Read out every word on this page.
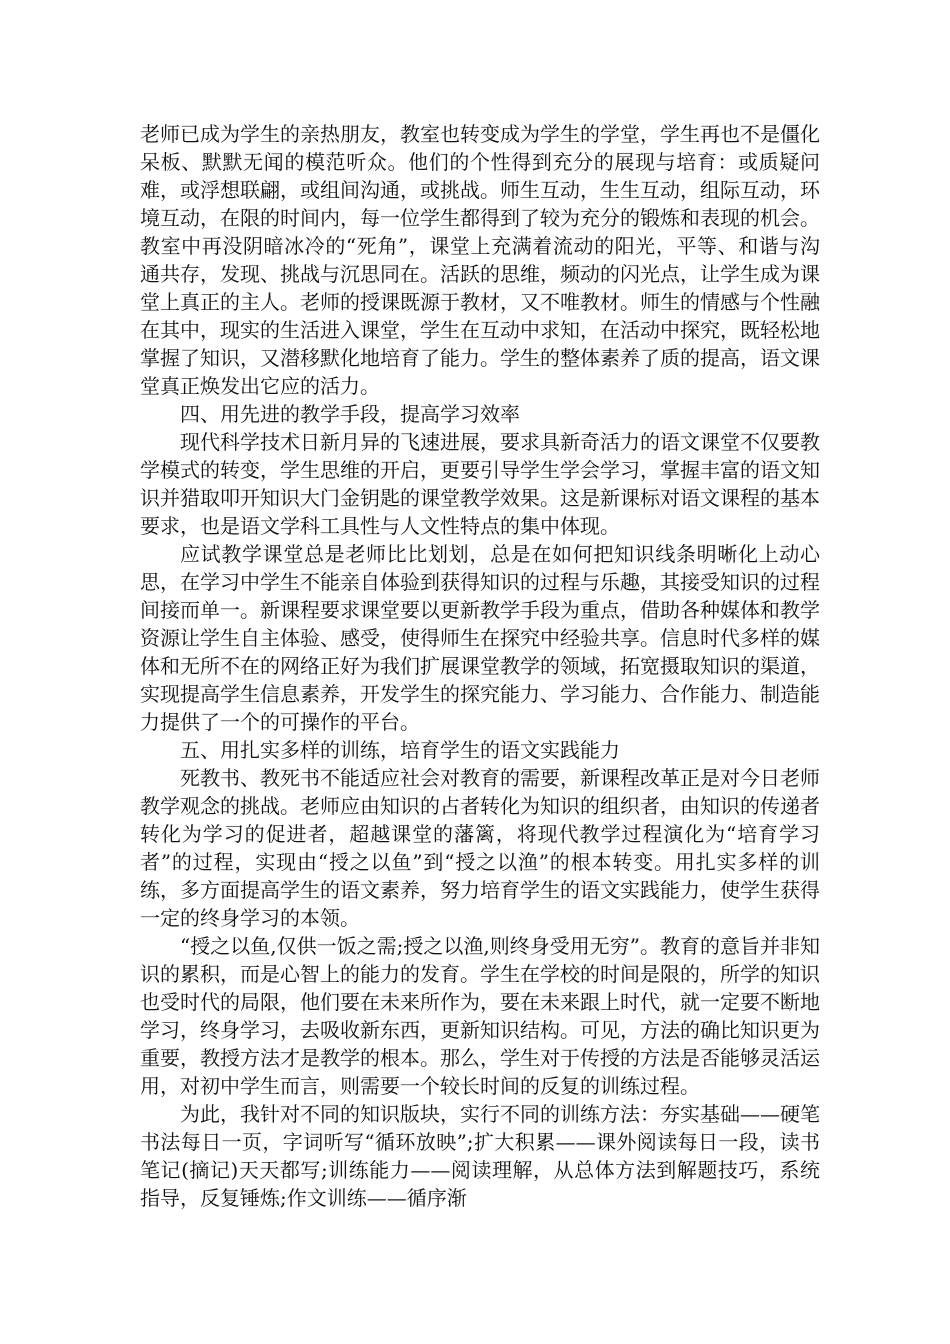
老师已成为学生的亲热朋友，教室也转变成为学生的学堂，学生再也不是僵化呆板、默默无闻的模范听众。他们的个性得到充分的展现与培育：或质疑问难，或浮想联翩，或组间沟通，或挑战。师生互动，生生互动，组际互动，环境互动，在限的时间内，每一位学生都得到了较为充分的锻炼和表现的机会。教室中再没阴暗冰冷的“死角”，课堂上充满着流动的阳光，平等、和谐与沟通共存，发现、挑战与沉思同在。活跃的思维，频动的闪光点，让学生成为课堂上真正的主人。老师的授课既源于教材，又不唯教材。师生的情感与个性融在其中，现实的生活进入课堂，学生在互动中求知，在活动中探究，既轻松地掌握了知识，又潜移默化地培育了能力。学生的整体素养了质的提高，语文课堂真正焕发出它应的活力。

四、用先进的教学手段，提高学习效率

现代科学技术日新月异的飞速进展，要求具新奇活力的语文课堂不仅要教学模式的转变，学生思维的开启，更要引导学生学会学习，掌握丰富的语文知识并猎取叩开知识大门金钥匙的课堂教学效果。这是新课标对语文课程的基本要求，也是语文学科工具性与人文性特点的集中体现。

应试教学课堂总是老师比比划划，总是在如何把知识线条明晰化上动心思，在学习中学生不能亲自体验到获得知识的过程与乐趣，其接受知识的过程间接而单一。新课程要求课堂要以更新教学手段为重点，借助各种媒体和教学资源让学生自主体验、感受，使得师生在探究中经验共享。信息时代多样的媒体和无所不在的网络正好为我们扩展课堂教学的领域，拓宽摄取知识的渠道，实现提高学生信息素养，开发学生的探究能力、学习能力、合作能力、制造能力提供了一个的可操作的平台。

五、用扎实多样的训练，培育学生的语文实践能力

死教书、教死书不能适应社会对教育的需要，新课程改革正是对今日老师教学观念的挑战。老师应由知识的占者转化为知识的组织者，由知识的传递者转化为学习的促进者，超越课堂的藩篱，将现代教学过程演化为“培育学习者”的过程，实现由“授之以鱼”到“授之以渔”的根本转变。用扎实多样的训练，多方面提高学生的语文素养，努力培育学生的语文实践能力，使学生获得一定的终身学习的本领。

“授之以鱼,仅供一饭之需;授之以渔,则终身受用无穷”。教育的意旨并非知识的累积，而是心智上的能力的发育。学生在学校的时间是限的，所学的知识也受时代的局限，他们要在未来所作为，要在未来跟上时代，就一定要不断地学习，终身学习，去吸收新东西，更新知识结构。可见，方法的确比知识更为重要，教授方法才是教学的根本。那么，学生对于传授的方法是否能够灵活运用，对初中学生而言，则需要一个较长时间的反复的训练过程。

为此，我针对不同的知识版块，实行不同的训练方法：夯实基础——硬笔书法每日一页，字词听写“循环放映”;扩大积累——课外阅读每日一段，读书笔记(摘记)天天都写;训练能力——阅读理解，从总体方法到解题技巧，系统指导，反复锤炼;作文训练——循序渐
